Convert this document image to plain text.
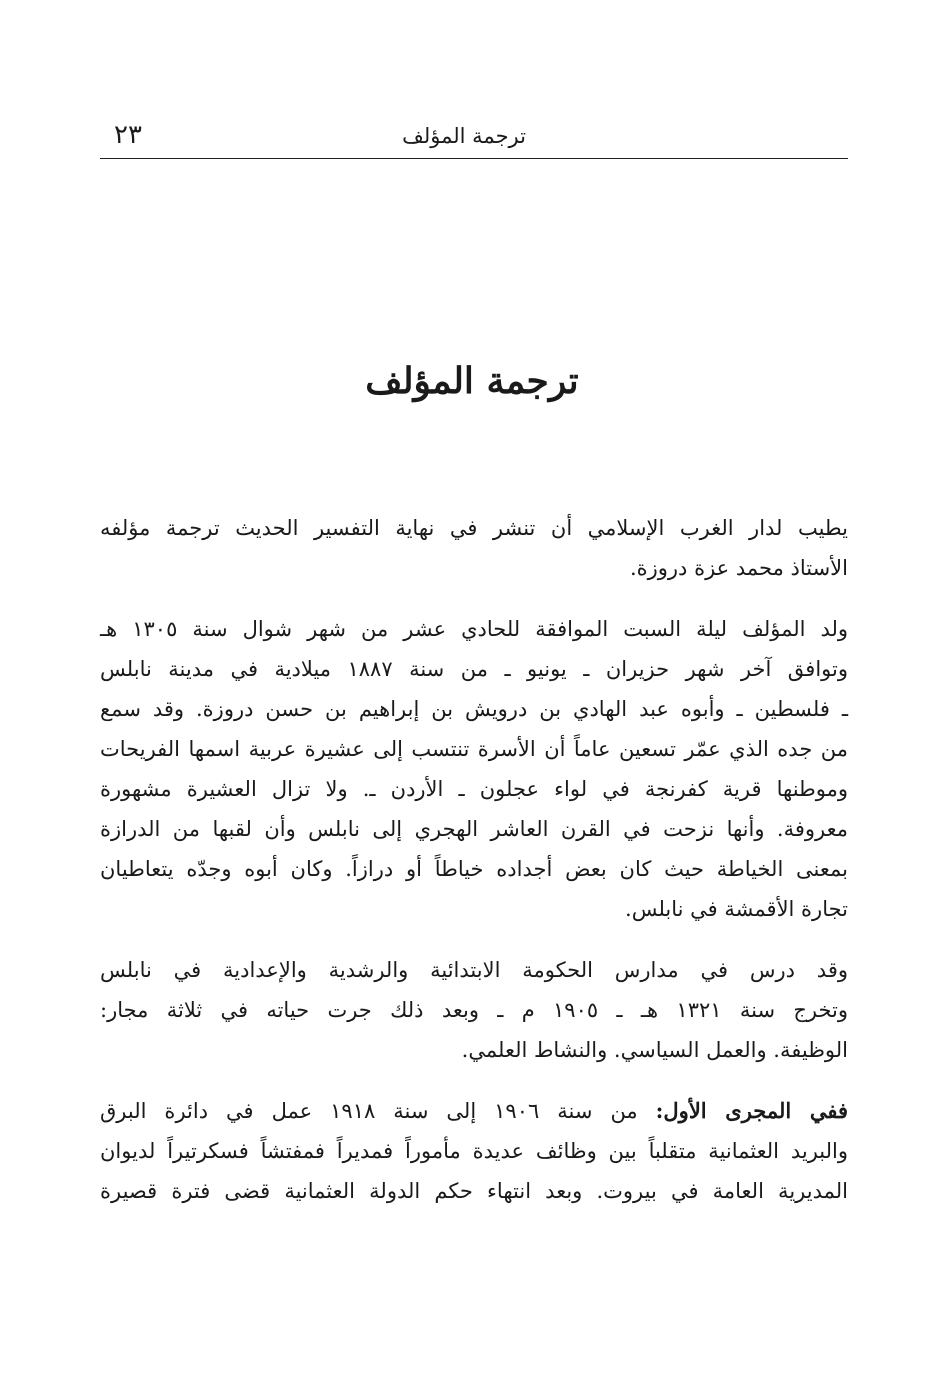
ترجمة المؤلف
٢٣
ترجمة المؤلف

يطيب لدار الغرب الإسلامي أن تنشر في نهاية التفسير الحديث ترجمة مؤلفه
الأستاذ محمد عزة دروزة.

ولد المؤلف ليلة السبت الموافقة للحادي عشر من شهر شوال سنة ١٣٠٥ هـ
وتوافق آخر شهر حزيران ـ يونيو ـ من سنة ١٨٨٧ ميلادية في مدينة نابلس
ـ فلسطين ـ وأبوه عبد الهادي بن درويش بن إبراهيم بن حسن دروزة. وقد سمع
من جده الذي عمّر تسعين عاماً أن الأسرة تنتسب إلى عشيرة عربية اسمها الفريحات
وموطنها قرية كفرنجة في لواء عجلون ـ الأردن ـ. ولا تزال العشيرة مشهورة
معروفة. وأنها نزحت في القرن العاشر الهجري إلى نابلس وأن لقبها من الدرازة
بمعنى الخياطة حيث كان بعض أجداده خياطاً أو درازاً. وكان أبوه وجدّه يتعاطيان
تجارة الأقمشة في نابلس.

وقد درس في مدارس الحكومة الابتدائية والرشدية والإعدادية في نابلس
وتخرج سنة ١٣٢١ هـ ـ ١٩٠٥ م ـ وبعد ذلك جرت حياته في ثلاثة مجار:
الوظيفة. والعمل السياسي. والنشاط العلمي.

ففي المجرى الأول: من سنة ١٩٠٦ إلى سنة ١٩١٨ عمل في دائرة البرق
والبريد العثمانية متقلباً بين وظائف عديدة مأموراً فمديراً فمفتشاً فسكرتيراً لديوان
المديرية العامة في بيروت. وبعد انتهاء حكم الدولة العثمانية قضى فترة قصيرة
